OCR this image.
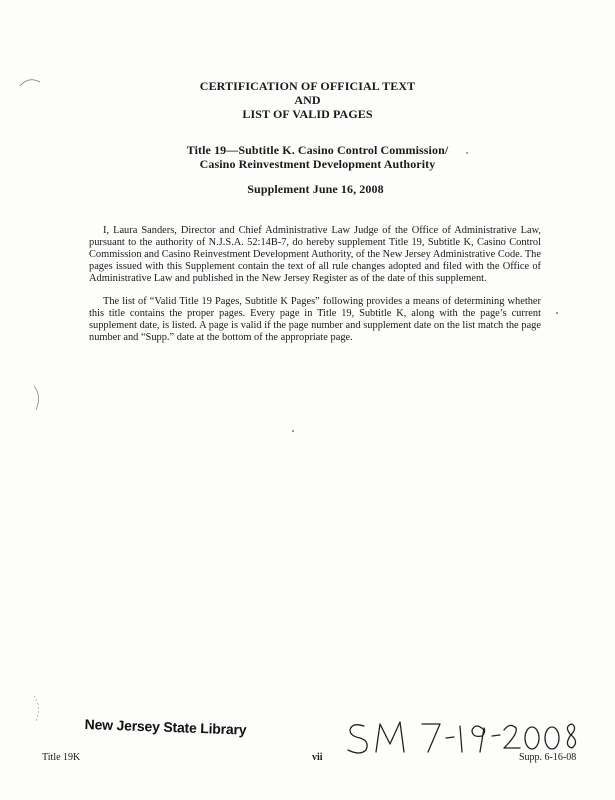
CERTIFICATION OF OFFICIAL TEXT
AND
LIST OF VALID PAGES
Title 19—Subtitle K. Casino Control Commission/
Casino Reinvestment Development Authority
Supplement June 16, 2008

I, Laura Sanders, Director and Chief Administrative Law Judge of the Office of Administrative Law, pursuant to the authority of N.J.S.A. 52:14B-7, do hereby supplement Title 19, Subtitle K, Casino Control Commission and Casino Reinvestment Development Authority, of the New Jersey Administrative Code. The pages issued with this Supplement contain the text of all rule changes adopted and filed with the Office of Administrative Law and published in the New Jersey Register as of the date of this supplement.

The list of “Valid Title 19 Pages, Subtitle K Pages” following provides a means of determining whether this title contains the proper pages. Every page in Title 19, Subtitle K, along with the page’s current supplement date, is listed. A page is valid if the page number and supplement date on the list match the page number and “Supp.” date at the bottom of the appropriate page.

New Jersey State Library
Title 19K	vii	Supp. 6-16-08
